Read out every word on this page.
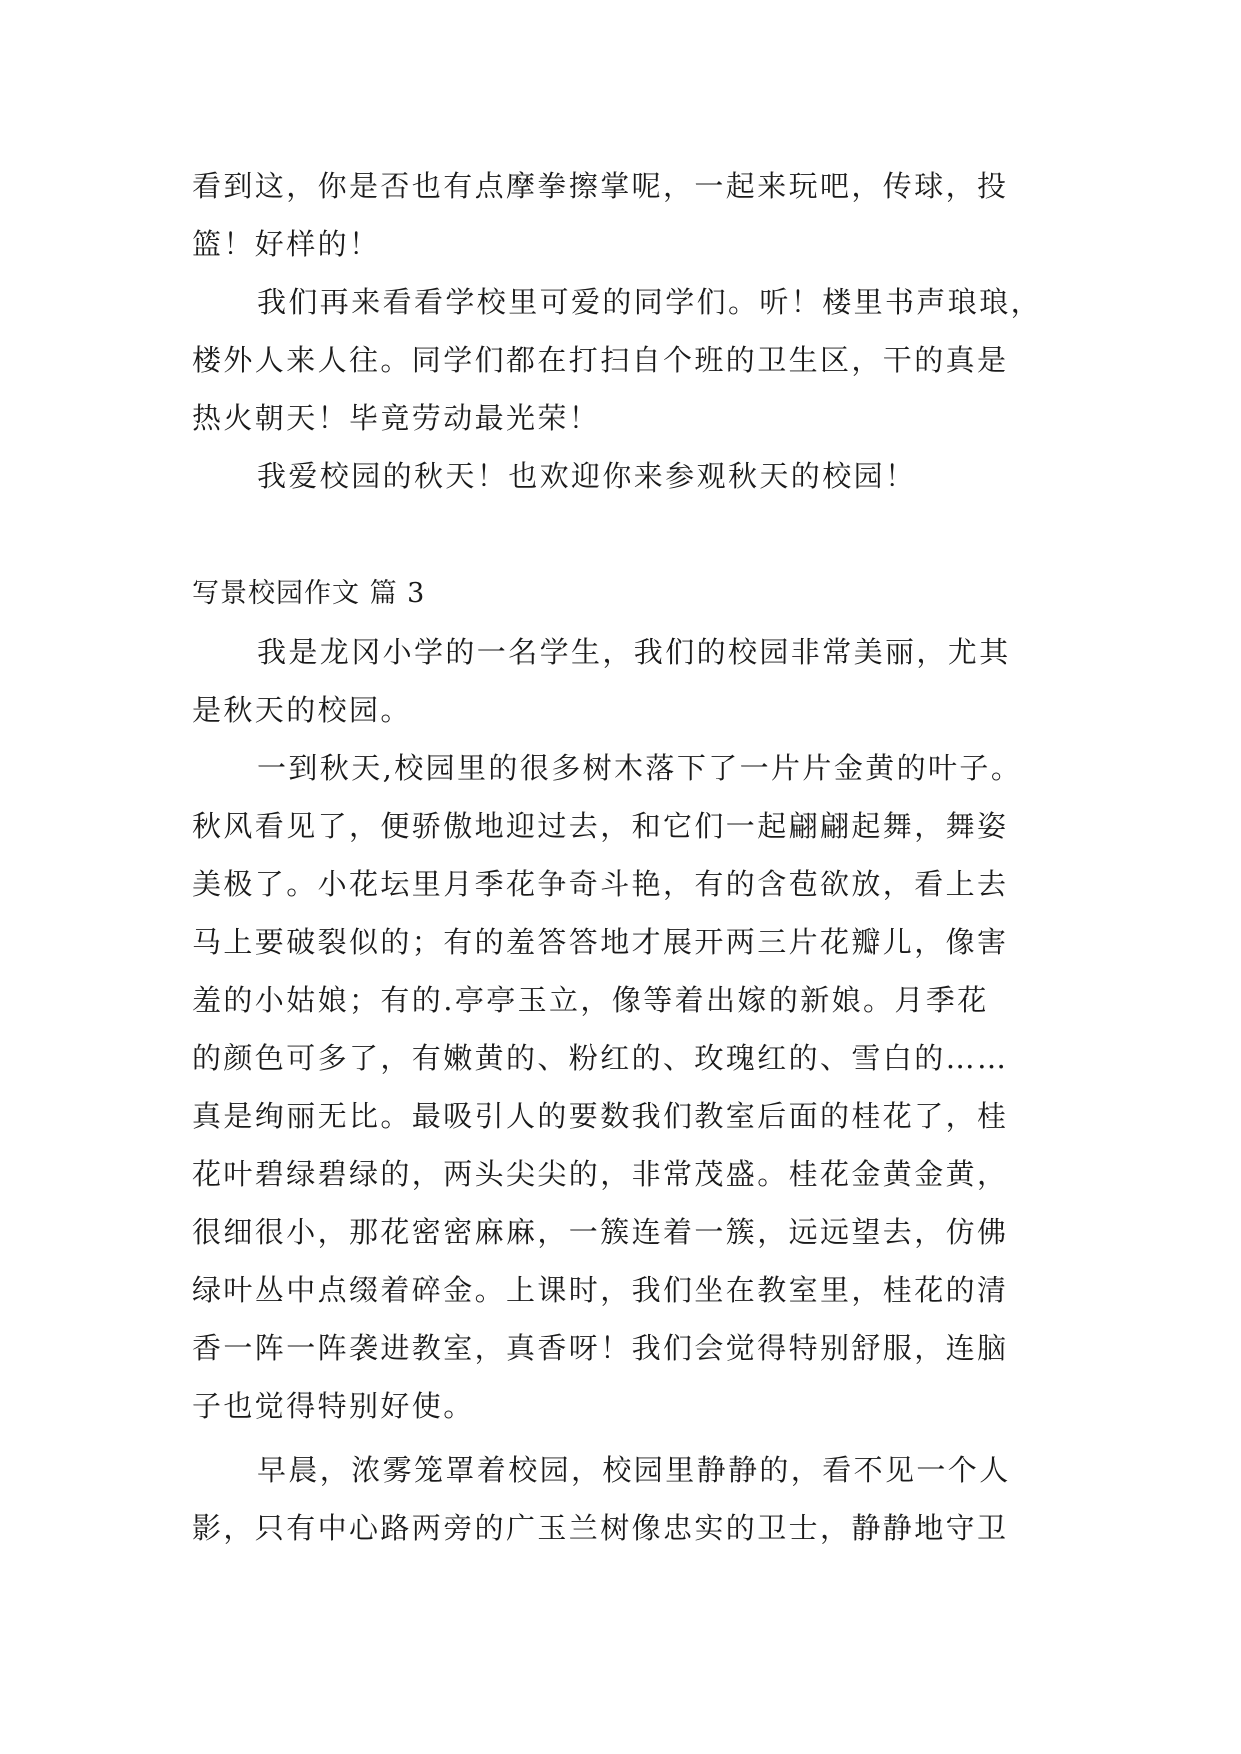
看到这，你是否也有点摩拳擦掌呢，一起来玩吧，传球，投
篮！好样的！
我们再来看看学校里可爱的同学们。听！楼里书声琅琅，
楼外人来人往。同学们都在打扫自个班的卫生区，干的真是
热火朝天！毕竟劳动最光荣！
我爱校园的秋天！也欢迎你来参观秋天的校园！
写景校园作文 篇 3
我是龙冈小学的一名学生，我们的校园非常美丽，尤其
是秋天的校园。
一到秋天,校园里的很多树木落下了一片片金黄的叶子。
秋风看见了，便骄傲地迎过去，和它们一起翩翩起舞，舞姿
美极了。小花坛里月季花争奇斗艳，有的含苞欲放，看上去
马上要破裂似的；有的羞答答地才展开两三片花瓣儿，像害
羞的小姑娘；有的.亭亭玉立，像等着出嫁的新娘。月季花
的颜色可多了，有嫩黄的、粉红的、玫瑰红的、雪白的……
真是绚丽无比。最吸引人的要数我们教室后面的桂花了，桂
花叶碧绿碧绿的，两头尖尖的，非常茂盛。桂花金黄金黄，
很细很小，那花密密麻麻，一簇连着一簇，远远望去，仿佛
绿叶丛中点缀着碎金。上课时，我们坐在教室里，桂花的清
香一阵一阵袭进教室，真香呀！我们会觉得特别舒服，连脑
子也觉得特别好使。
早晨，浓雾笼罩着校园，校园里静静的，看不见一个人
影，只有中心路两旁的广玉兰树像忠实的卫士，静静地守卫
